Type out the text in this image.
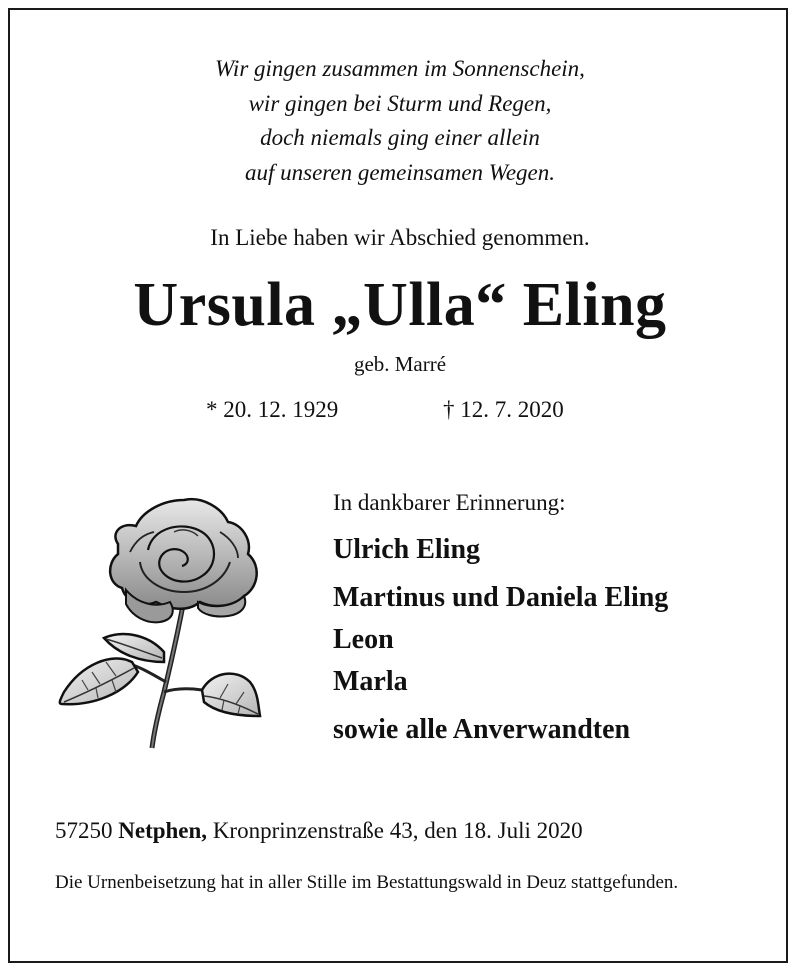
Wir gingen zusammen im Sonnenschein,
wir gingen bei Sturm und Regen,
doch niemals ging einer allein
auf unseren gemeinsamen Wegen.
In Liebe haben wir Abschied genommen.
Ursula „Ulla“ Eling
geb. Marré
* 20. 12. 1929	† 12. 7. 2020
In dankbarer Erinnerung:
Ulrich Eling
Martinus und Daniela Eling
Leon
Marla
sowie alle Anverwandten
57250 Netphen, Kronprinzenstraße 43, den 18. Juli 2020
Die Urnenbeisetzung hat in aller Stille im Bestattungswald in Deuz stattgefunden.
